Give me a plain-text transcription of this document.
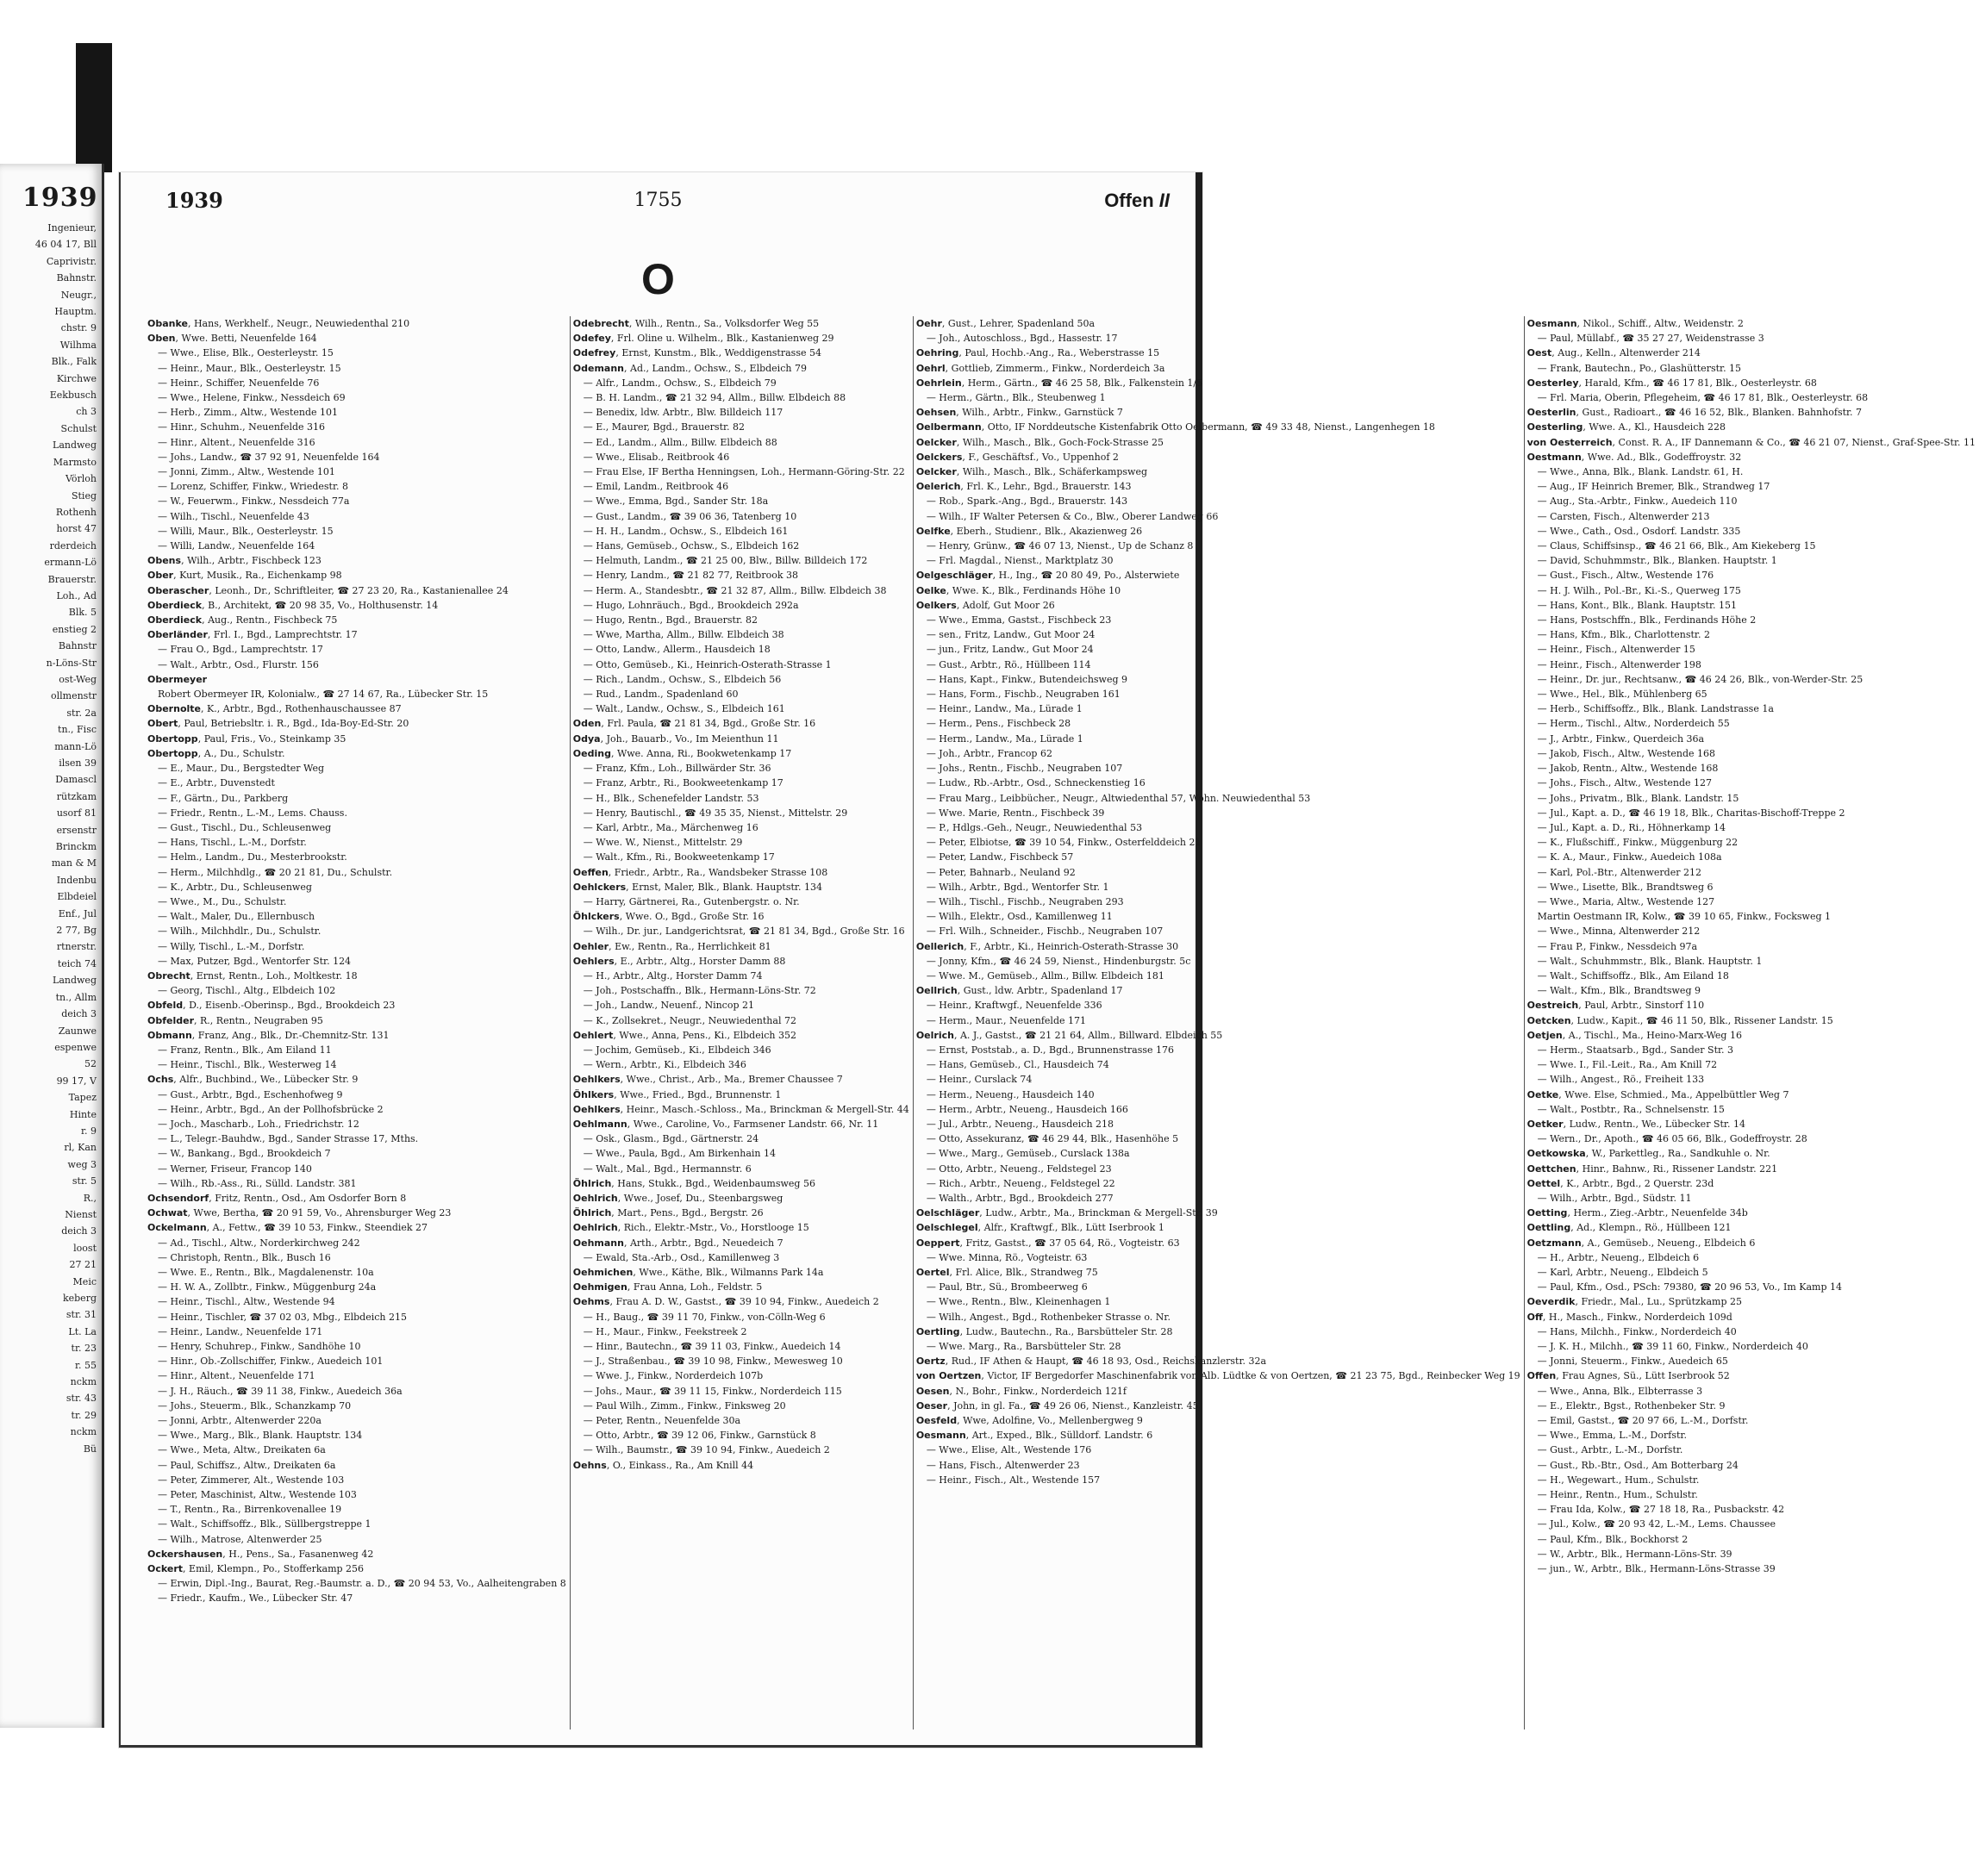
1939
Ingenieur,
46 04 17, Bll
Caprivistr.
Bahnstr.
Neugr.,
Hauptm.
chstr. 9
Wilhma
Blk., Falk
Kirchwe
Eekbusch
ch 3
Schulst
Landweg
Marmsto
Vörloh
Stieg
Rothenh
horst 47
rderdeich
ermann-Lö
Brauerstr.
Loh., Ad
Blk. 5
enstieg 2
Bahnstr
n-Löns-Str
ost-Weg
ollmenstr
str. 2a
tn., Fisc
mann-Lö
ilsen 39
Damascl
rützkam
usorf 81
ersenstr
Brinckm
man & M
Indenbu
Elbdeiel
Enf., Jul
2 77, Bg
rtnerstr.
teich 74
Landweg
tn., Allm
deich 3
Zaunwe
espenwe
52
99 17, V
Tapez
Hinte
r. 9
rl, Kan
weg 3
str. 5
R.,
Nienst
deich 3
loost
27 21
Meic
keberg
str. 31
Lt. La
tr. 23
r. 55
nckm
str. 43
tr. 29
nckm
Bü
1939	1755	Offen II
O
Obanke, Hans, Werkhelf., Neugr., Neuwiedenthal 210
Oben, Wwe. Betti, Neuenfelde 164
— Wwe., Elise, Blk., Oesterleystr. 15
— Heinr., Maur., Blk., Oesterleystr. 15
— Heinr., Schiffer, Neuenfelde 76
— Wwe., Helene, Finkw., Nessdeich 69
— Herb., Zimm., Altw., Westende 101
— Hinr., Schuhm., Neuenfelde 316
— Hinr., Altent., Neuenfelde 316
— Johs., Landw., ☎ 37 92 91, Neuenfelde 164
— Jonni, Zimm., Altw., Westende 101
— Lorenz, Schiffer, Finkw., Wriedestr. 8
— W., Feuerwm., Finkw., Nessdeich 77a
— Wilh., Tischl., Neuenfelde 43
— Willi, Maur., Blk., Oesterleystr. 15
— Willi, Landw., Neuenfelde 164
Obens, Wilh., Arbtr., Fischbeck 123
Ober, Kurt, Musik., Ra., Eichenkamp 98
Oberascher, Leonh., Dr., Schriftleiter, ☎ 27 23 20, Ra., Kastanienallee 24
Oberdieck, B., Architekt, ☎ 20 98 35, Vo., Holthusenstr. 14
Oberdieck, Aug., Rentn., Fischbeck 75
Oberländer, Frl. I., Bgd., Lamprechtstr. 17
— Frau O., Bgd., Lamprechtstr. 17
— Walt., Arbtr., Osd., Flurstr. 156
Obermeyer
Robert Obermeyer IR, Kolonialw., ☎ 27 14 67, Ra., Lübecker Str. 15
Obernolte, K., Arbtr., Bgd., Rothenhauschaussee 87
Obert, Paul, Betriebsltr. i. R., Bgd., Ida-Boy-Ed-Str. 20
Obertopp, Paul, Fris., Vo., Steinkamp 35
Obertopp, A., Du., Schulstr.
— E., Maur., Du., Bergstedter Weg
— E., Arbtr., Duvenstedt
— F., Gärtn., Du., Parkberg
— Friedr., Rentn., L.-M., Lems. Chauss.
— Gust., Tischl., Du., Schleusenweg
— Hans, Tischl., L.-M., Dorfstr.
— Helm., Landm., Du., Mesterbrookstr.
— Herm., Milchhdlg., ☎ 20 21 81, Du., Schulstr.
— K., Arbtr., Du., Schleusenweg
— Wwe., M., Du., Schulstr.
— Walt., Maler, Du., Ellernbusch
— Wilh., Milchhdlr., Du., Schulstr.
— Willy, Tischl., L.-M., Dorfstr.
— Max, Putzer, Bgd., Wentorfer Str. 124
Obrecht, Ernst, Rentn., Loh., Moltkestr. 18
— Georg, Tischl., Altg., Elbdeich 102
Obfeld, D., Eisenb.-Oberinsp., Bgd., Brookdeich 23
Obfelder, R., Rentn., Neugraben 95
Obmann, Franz, Ang., Blk., Dr.-Chemnitz-Str. 131
— Franz, Rentn., Blk., Am Eiland 11
— Heinr., Tischl., Blk., Westerweg 14
Ochs, Alfr., Buchbind., We., Lübecker Str. 9
— Gust., Arbtr., Bgd., Eschenhofweg 9
— Heinr., Arbtr., Bgd., An der Pollhofsbrücke 2
— Joch., Mascharb., Loh., Friedrichstr. 12
— L., Telegr.-Bauhdw., Bgd., Sander Strasse 17, Mths.
— W., Bankang., Bgd., Brookdeich 7
— Werner, Friseur, Francop 140
— Wilh., Rb.-Ass., Ri., Sülld. Landstr. 381
Ochsendorf, Fritz, Rentn., Osd., Am Osdorfer Born 8
Ochwat, Wwe, Bertha, ☎ 20 91 59, Vo., Ahrensburger Weg 23
Ockelmann, A., Fettw., ☎ 39 10 53, Finkw., Steendiek 27
— Ad., Tischl., Altw., Norderkirchweg 242
— Christoph, Rentn., Blk., Busch 16
— Wwe. E., Rentn., Blk., Magdalenenstr. 10a
— H. W. A., Zollbtr., Finkw., Müggenburg 24a
— Heinr., Tischl., Altw., Westende 94
— Heinr., Tischler, ☎ 37 02 03, Mbg., Elbdeich 215
— Heinr., Landw., Neuenfelde 171
— Henry, Schuhrep., Finkw., Sandhöhe 10
— Hinr., Ob.-Zollschiffer, Finkw., Auedeich 101
— Hinr., Altent., Neuenfelde 171
— J. H., Räuch., ☎ 39 11 38, Finkw., Auedeich 36a
— Johs., Steuerm., Blk., Schanzkamp 70
— Jonni, Arbtr., Altenwerder 220a
— Wwe., Marg., Blk., Blank. Hauptstr. 134
— Wwe., Meta, Altw., Dreikaten 6a
— Paul, Schiffsz., Altw., Dreikaten 6a
— Peter, Zimmerer, Alt., Westende 103
— Peter, Maschinist, Altw., Westende 103
— T., Rentn., Ra., Birrenkovenallee 19
— Walt., Schiffsoffz., Blk., Süllbergstreppe 1
— Wilh., Matrose, Altenwerder 25
Ockershausen, H., Pens., Sa., Fasanenweg 42
Ockert, Emil, Klempn., Po., Stofferkamp 256
— Erwin, Dipl.-Ing., Baurat, Reg.-Baumstr. a. D., ☎ 20 94 53, Vo., Aalheitengraben 8
— Friedr., Kaufm., We., Lübecker Str. 47
Odebrecht, Wilh., Rentn., Sa., Volksdorfer Weg 55
Odefey, Frl. Oline u. Wilhelm., Blk., Kastanienweg 29
Odefrey, Ernst, Kunstm., Blk., Weddigenstrasse 54
Odemann, Ad., Landm., Ochsw., S., Elbdeich 79
— Alfr., Landm., Ochsw., S., Elbdeich 79
— B. H. Landm., ☎ 21 32 94, Allm., Billw. Elbdeich 88
— Benedix, ldw. Arbtr., Blw. Billdeich 117
— E., Maurer, Bgd., Brauerstr. 82
— Ed., Landm., Allm., Billw. Elbdeich 88
— Wwe., Elisab., Reitbrook 46
— Frau Else, IF Bertha Henningsen, Loh., Hermann-Göring-Str. 22
— Emil, Landm., Reitbrook 46
— Wwe., Emma, Bgd., Sander Str. 18a
— Gust., Landm., ☎ 39 06 36, Tatenberg 10
— H. H., Landm., Ochsw., S., Elbdeich 161
— Hans, Gemüseb., Ochsw., S., Elbdeich 162
— Helmuth, Landm., ☎ 21 25 00, Blw., Billw. Billdeich 172
— Henry, Landm., ☎ 21 82 77, Reitbrook 38
— Herm. A., Standesbtr., ☎ 21 32 87, Allm., Billw. Elbdeich 38
— Hugo, Lohnräuch., Bgd., Brookdeich 292a
— Hugo, Rentn., Bgd., Brauerstr. 82
— Wwe, Martha, Allm., Billw. Elbdeich 38
— Otto, Landw., Allerm., Hausdeich 18
— Otto, Gemüseb., Ki., Heinrich-Osterath-Strasse 1
— Rich., Landm., Ochsw., S., Elbdeich 56
— Rud., Landm., Spadenland 60
— Walt., Landw., Ochsw., S., Elbdeich 161
Oden, Frl. Paula, ☎ 21 81 34, Bgd., Große Str. 16
Odya, Joh., Bauarb., Vo., Im Meienthun 11
Oeding, Wwe. Anna, Ri., Bookwetenkamp 17
— Franz, Kfm., Loh., Billwärder Str. 36
— Franz, Arbtr., Ri., Bookweetenkamp 17
— H., Blk., Schenefelder Landstr. 53
— Henry, Bautischl., ☎ 49 35 35, Nienst., Mittelstr. 29
— Karl, Arbtr., Ma., Märchenweg 16
— Wwe. W., Nienst., Mittelstr. 29
— Walt., Kfm., Ri., Bookweetenkamp 17
Oeffen, Friedr., Arbtr., Ra., Wandsbeker Strasse 108
Oehlckers, Ernst, Maler, Blk., Blank. Hauptstr. 134
— Harry, Gärtnerei, Ra., Gutenbergstr. o. Nr.
Öhlckers, Wwe. O., Bgd., Große Str. 16
— Wilh., Dr. jur., Landgerichtsrat, ☎ 21 81 34, Bgd., Große Str. 16
Oehler, Ew., Rentn., Ra., Herrlichkeit 81
Oehlers, E., Arbtr., Altg., Horster Damm 88
— H., Arbtr., Altg., Horster Damm 74
— Joh., Postschaffn., Blk., Hermann-Löns-Str. 72
— Joh., Landw., Neuenf., Nincop 21
— K., Zollsekret., Neugr., Neuwiedenthal 72
Oehlert, Wwe., Anna, Pens., Ki., Elbdeich 352
— Jochim, Gemüseb., Ki., Elbdeich 346
— Wern., Arbtr., Ki., Elbdeich 346
Oehlkers, Wwe., Christ., Arb., Ma., Bremer Chaussee 7
Öhlkers, Wwe., Fried., Bgd., Brunnenstr. 1
Oehlkers, Heinr., Masch.-Schloss., Ma., Brinckman & Mergell-Str. 44
Oehlmann, Wwe., Caroline, Vo., Farmsener Landstr. 66, Nr. 11
— Osk., Glasm., Bgd., Gärtnerstr. 24
— Wwe., Paula, Bgd., Am Birkenhain 14
— Walt., Mal., Bgd., Hermannstr. 6
Öhlrich, Hans, Stukk., Bgd., Weidenbaumsweg 56
Oehlrich, Wwe., Josef, Du., Steenbargsweg
Öhlrich, Mart., Pens., Bgd., Bergstr. 26
Oehlrich, Rich., Elektr.-Mstr., Vo., Horstlooge 15
Oehmann, Arth., Arbtr., Bgd., Neuedeich 7
— Ewald, Sta.-Arb., Osd., Kamillenweg 3
Oehmichen, Wwe., Käthe, Blk., Wilmanns Park 14a
Oehmigen, Frau Anna, Loh., Feldstr. 5
Oehms, Frau A. D. W., Gastst., ☎ 39 10 94, Finkw., Auedeich 2
— H., Baug., ☎ 39 11 70, Finkw., von-Cölln-Weg 6
— H., Maur., Finkw., Feekstreek 2
— Hinr., Bautechn., ☎ 39 11 03, Finkw., Auedeich 14
— J., Straßenbau., ☎ 39 10 98, Finkw., Mewesweg 10
— Wwe. J., Finkw., Norderdeich 107b
— Johs., Maur., ☎ 39 11 15, Finkw., Norderdeich 115
— Paul Wilh., Zimm., Finkw., Finksweg 20
— Peter, Rentn., Neuenfelde 30a
— Otto, Arbtr., ☎ 39 12 06, Finkw., Garnstück 8
— Wilh., Baumstr., ☎ 39 10 94, Finkw., Auedeich 2
Oehns, O., Einkass., Ra., Am Knill 44
Oehr, Gust., Lehrer, Spadenland 50a
— Joh., Autoschloss., Bgd., Hassestr. 17
Oehring, Paul, Hochb.-Ang., Ra., Weberstrasse 15
Oehrl, Gottlieb, Zimmerm., Finkw., Norderdeich 3a
Oehrlein, Herm., Gärtn., ☎ 46 25 58, Blk., Falkenstein 1/5
— Herm., Gärtn., Blk., Steubenweg 1
Oehsen, Wilh., Arbtr., Finkw., Garnstück 7
Oelbermann, Otto, IF Norddeutsche Kistenfabrik Otto Oelbermann, ☎ 49 33 48, Nienst., Langenhegen 18
Oelcker, Wilh., Masch., Blk., Goch-Fock-Strasse 25
Oelckers, F., Geschäftsf., Vo., Uppenhof 2
Oelcker, Wilh., Masch., Blk., Schäferkampsweg
Oelerich, Frl. K., Lehr., Bgd., Brauerstr. 143
— Rob., Spark.-Ang., Bgd., Brauerstr. 143
— Wilh., IF Walter Petersen & Co., Blw., Oberer Landweg 66
Oelfke, Eberh., Studienr., Blk., Akazienweg 26
— Henry, Grünw., ☎ 46 07 13, Nienst., Up de Schanz 8
— Frl. Magdal., Nienst., Marktplatz 30
Oelgeschläger, H., Ing., ☎ 20 80 49, Po., Alsterwiete
Oelke, Wwe. K., Blk., Ferdinands Höhe 10
Oelkers, Adolf, Gut Moor 26
— Wwe., Emma, Gastst., Fischbeck 23
— sen., Fritz, Landw., Gut Moor 24
— jun., Fritz, Landw., Gut Moor 24
— Gust., Arbtr., Rö., Hüllbeen 114
— Hans, Kapt., Finkw., Butendeichsweg 9
— Hans, Form., Fischb., Neugraben 161
— Heinr., Landw., Ma., Lürade 1
— Herm., Pens., Fischbeck 28
— Herm., Landw., Ma., Lürade 1
— Joh., Arbtr., Francop 62
— Johs., Rentn., Fischb., Neugraben 107
— Ludw., Rb.-Arbtr., Osd., Schneckenstieg 16
— Frau Marg., Leibbücher., Neugr., Altwiedenthal 57, Wohn. Neuwiedenthal 53
— Wwe. Marie, Rentn., Fischbeck 39
— P., Hdlgs.-Geh., Neugr., Neuwiedenthal 53
— Peter, Elbiotse, ☎ 39 10 54, Finkw., Osterfelddeich 21
— Peter, Landw., Fischbeck 57
— Peter, Bahnarb., Neuland 92
— Wilh., Arbtr., Bgd., Wentorfer Str. 1
— Wilh., Tischl., Fischb., Neugraben 293
— Wilh., Elektr., Osd., Kamillenweg 11
— Frl. Wilh., Schneider., Fischb., Neugraben 107
Oellerich, F., Arbtr., Ki., Heinrich-Osterath-Strasse 30
— Jonny, Kfm., ☎ 46 24 59, Nienst., Hindenburgstr. 5c
— Wwe. M., Gemüseb., Allm., Billw. Elbdeich 181
Oellrich, Gust., ldw. Arbtr., Spadenland 17
— Heinr., Kraftwgf., Neuenfelde 336
— Herm., Maur., Neuenfelde 171
Oelrich, A. J., Gastst., ☎ 21 21 64, Allm., Billward. Elbdeich 55
— Ernst, Poststab., a. D., Bgd., Brunnenstrasse 176
— Hans, Gemüseb., Cl., Hausdeich 74
— Heinr., Curslack 74
— Herm., Neueng., Hausdeich 140
— Herm., Arbtr., Neueng., Hausdeich 166
— Jul., Arbtr., Neueng., Hausdeich 218
— Otto, Assekuranz, ☎ 46 29 44, Blk., Hasenhöhe 5
— Wwe., Marg., Gemüseb., Curslack 138a
— Otto, Arbtr., Neueng., Feldstegel 23
— Rich., Arbtr., Neueng., Feldstegel 22
— Walth., Arbtr., Bgd., Brookdeich 277
Oelschläger, Ludw., Arbtr., Ma., Brinckman & Mergell-Str. 39
Oelschlegel, Alfr., Kraftwgf., Blk., Lütt Iserbrook 1
Oeppert, Fritz, Gastst., ☎ 37 05 64, Rö., Vogteistr. 63
— Wwe. Minna, Rö., Vogteistr. 63
Oertel, Frl. Alice, Blk., Strandweg 75
— Paul, Btr., Sü., Brombeerweg 6
— Wwe., Rentn., Blw., Kleinenhagen 1
— Wilh., Angest., Bgd., Rothenbeker Strasse o. Nr.
Oertling, Ludw., Bautechn., Ra., Barsbütteler Str. 28
— Wwe. Marg., Ra., Barsbütteler Str. 28
Oertz, Rud., IF Athen & Haupt, ☎ 46 18 93, Osd., Reichskanzlerstr. 32a
von Oertzen, Victor, IF Bergedorfer Maschinenfabrik von Alb. Lüdtke & von Oertzen, ☎ 21 23 75, Bgd., Reinbecker Weg 19
Oesen, N., Bohr., Finkw., Norderdeich 121f
Oeser, John, in gl. Fa., ☎ 49 26 06, Nienst., Kanzleistr. 45
Oesfeld, Wwe, Adolfine, Vo., Mellenbergweg 9
Oesmann, Art., Exped., Blk., Sülldorf. Landstr. 6
— Wwe., Elise, Alt., Westende 176
— Hans, Fisch., Altenwerder 23
— Heinr., Fisch., Alt., Westende 157
Oesmann, Nikol., Schiff., Altw., Weidenstr. 2
— Paul, Müllabf., ☎ 35 27 27, Weidenstrasse 3
Oest, Aug., Kelln., Altenwerder 214
— Frank, Bautechn., Po., Glashütterstr. 15
Oesterley, Harald, Kfm., ☎ 46 17 81, Blk., Oesterleystr. 68
— Frl. Maria, Oberin, Pflegeheim, ☎ 46 17 81, Blk., Oesterleystr. 68
Oesterlin, Gust., Radioart., ☎ 46 16 52, Blk., Blanken. Bahnhofstr. 7
Oesterling, Wwe. A., Kl., Hausdeich 228
von Oesterreich, Const. R. A., IF Dannemann & Co., ☎ 46 21 07, Nienst., Graf-Spee-Str. 11
Oestmann, Wwe. Ad., Blk., Godeffroystr. 32
— Wwe., Anna, Blk., Blank. Landstr. 61, H.
— Aug., IF Heinrich Bremer, Blk., Strandweg 17
— Aug., Sta.-Arbtr., Finkw., Auedeich 110
— Carsten, Fisch., Altenwerder 213
— Wwe., Cath., Osd., Osdorf. Landstr. 335
— Claus, Schiffsinsp., ☎ 46 21 66, Blk., Am Kiekeberg 15
— David, Schuhmmstr., Blk., Blanken. Hauptstr. 1
— Gust., Fisch., Altw., Westende 176
— H. J. Wilh., Pol.-Br., Ki.-S., Querweg 175
— Hans, Kont., Blk., Blank. Hauptstr. 151
— Hans, Postschffn., Blk., Ferdinands Höhe 2
— Hans, Kfm., Blk., Charlottenstr. 2
— Heinr., Fisch., Altenwerder 15
— Heinr., Fisch., Altenwerder 198
— Heinr., Dr. jur., Rechtsanw., ☎ 46 24 26, Blk., von-Werder-Str. 25
— Wwe., Hel., Blk., Mühlenberg 65
— Herb., Schiffsoffz., Blk., Blank. Landstrasse 1a
— Herm., Tischl., Altw., Norderdeich 55
— J., Arbtr., Finkw., Querdeich 36a
— Jakob, Fisch., Altw., Westende 168
— Jakob, Rentn., Altw., Westende 168
— Johs., Fisch., Altw., Westende 127
— Johs., Privatm., Blk., Blank. Landstr. 15
— Jul., Kapt. a. D., ☎ 46 19 18, Blk., Charitas-Bischoff-Treppe 2
— Jul., Kapt. a. D., Ri., Höhnerkamp 14
— K., Flußschiff., Finkw., Müggenburg 22
— K. A., Maur., Finkw., Auedeich 108a
— Karl, Pol.-Btr., Altenwerder 212
— Wwe., Lisette, Blk., Brandtsweg 6
— Wwe., Maria, Altw., Westende 127
Martin Oestmann IR, Kolw., ☎ 39 10 65, Finkw., Focksweg 1
— Wwe., Minna, Altenwerder 212
— Frau P., Finkw., Nessdeich 97a
— Walt., Schuhmmstr., Blk., Blank. Hauptstr. 1
— Walt., Schiffsoffz., Blk., Am Eiland 18
— Walt., Kfm., Blk., Brandtsweg 9
Oestreich, Paul, Arbtr., Sinstorf 110
Oetcken, Ludw., Kapit., ☎ 46 11 50, Blk., Rissener Landstr. 15
Oetjen, A., Tischl., Ma., Heino-Marx-Weg 16
— Herm., Staatsarb., Bgd., Sander Str. 3
— Wwe. I., Fil.-Leit., Ra., Am Knill 72
— Wilh., Angest., Rö., Freiheit 133
Oetke, Wwe. Else, Schmied., Ma., Appelbüttler Weg 7
— Walt., Postbtr., Ra., Schnelsenstr. 15
Oetker, Ludw., Rentn., We., Lübecker Str. 14
— Wern., Dr., Apoth., ☎ 46 05 66, Blk., Godeffroystr. 28
Oetkowska, W., Parkettleg., Ra., Sandkuhle o. Nr.
Oettchen, Hinr., Bahnw., Ri., Rissener Landstr. 221
Oettel, K., Arbtr., Bgd., 2 Querstr. 23d
— Wilh., Arbtr., Bgd., Südstr. 11
Oetting, Herm., Zieg.-Arbtr., Neuenfelde 34b
Oettling, Ad., Klempn., Rö., Hüllbeen 121
Oetzmann, A., Gemüseb., Neueng., Elbdeich 6
— H., Arbtr., Neueng., Elbdeich 6
— Karl, Arbtr., Neueng., Elbdeich 5
— Paul, Kfm., Osd., PSch: 79380, ☎ 20 96 53, Vo., Im Kamp 14
Oeverdik, Friedr., Mal., Lu., Sprützkamp 25
Off, H., Masch., Finkw., Norderdeich 109d
— Hans, Milchh., Finkw., Norderdeich 40
— J. K. H., Milchh., ☎ 39 11 60, Finkw., Norderdeich 40
— Jonni, Steuerm., Finkw., Auedeich 65
Offen, Frau Agnes, Sü., Lütt Iserbrook 52
— Wwe., Anna, Blk., Elbterrasse 3
— E., Elektr., Bgst., Rothenbeker Str. 9
— Emil, Gastst., ☎ 20 97 66, L.-M., Dorfstr.
— Wwe., Emma, L.-M., Dorfstr.
— Gust., Arbtr., L.-M., Dorfstr.
— Gust., Rb.-Btr., Osd., Am Botterbarg 24
— H., Wegewart., Hum., Schulstr.
— Heinr., Rentn., Hum., Schulstr.
— Frau Ida, Kolw., ☎ 27 18 18, Ra., Pusbackstr. 42
— Jul., Kolw., ☎ 20 93 42, L.-M., Lems. Chaussee
— Paul, Kfm., Blk., Bockhorst 2
— W., Arbtr., Blk., Hermann-Löns-Str. 39
— jun., W., Arbtr., Blk., Hermann-Löns-Strasse 39
